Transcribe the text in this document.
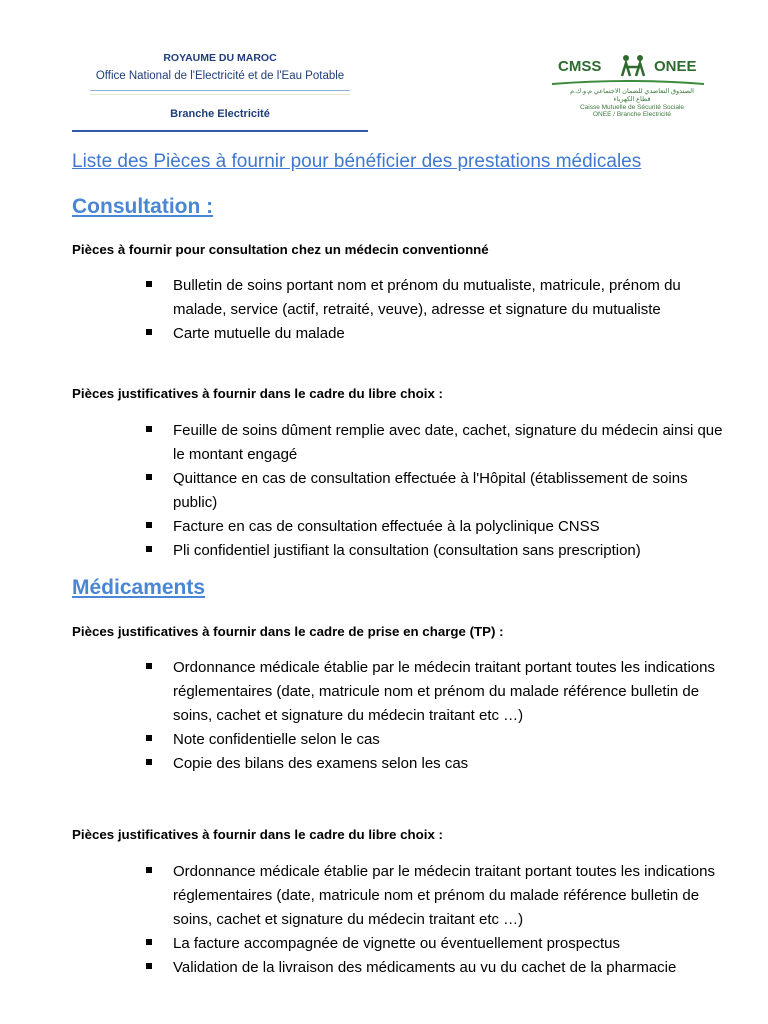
ROYAUME DU MAROC
Office National de l'Electricité et de l'Eau Potable
Branche Electricité
CMSS	ONEE
الصندوق التعاضدي للضمان الاجتماعي م.و.ك.م
قطاع الكهرباء
Caisse Mutuelle de Sécurité Sociale
ONEE / Branche Electricité
Liste des Pièces à fournir pour bénéficier des prestations médicales
Consultation :
Pièces à fournir pour consultation chez un médecin conventionné
Bulletin de soins portant nom et prénom du mutualiste, matricule, prénom du malade, service (actif, retraité, veuve), adresse et signature du mutualiste
Carte mutuelle du malade
Pièces justificatives à fournir dans le cadre du libre choix :
Feuille de soins dûment remplie avec date, cachet, signature du médecin ainsi que le montant engagé
Quittance en cas de consultation effectuée à l'Hôpital (établissement de soins public)
Facture en cas de consultation effectuée à la polyclinique CNSS
Pli confidentiel justifiant la consultation (consultation sans prescription)
Médicaments
Pièces justificatives à fournir dans le cadre de prise en charge (TP) :
Ordonnance médicale établie par le médecin traitant portant toutes les indications réglementaires (date, matricule nom et prénom du malade référence bulletin de soins, cachet et signature du médecin traitant etc …)
Note confidentielle selon le cas
Copie des bilans des examens selon les cas
Pièces justificatives à fournir dans le cadre du libre choix :
Ordonnance médicale établie par le médecin traitant portant toutes les indications réglementaires (date, matricule nom et prénom du malade référence bulletin de soins, cachet et signature du médecin traitant etc …)
La facture accompagnée de vignette ou éventuellement prospectus
Validation de la livraison des médicaments au vu du cachet de la pharmacie
